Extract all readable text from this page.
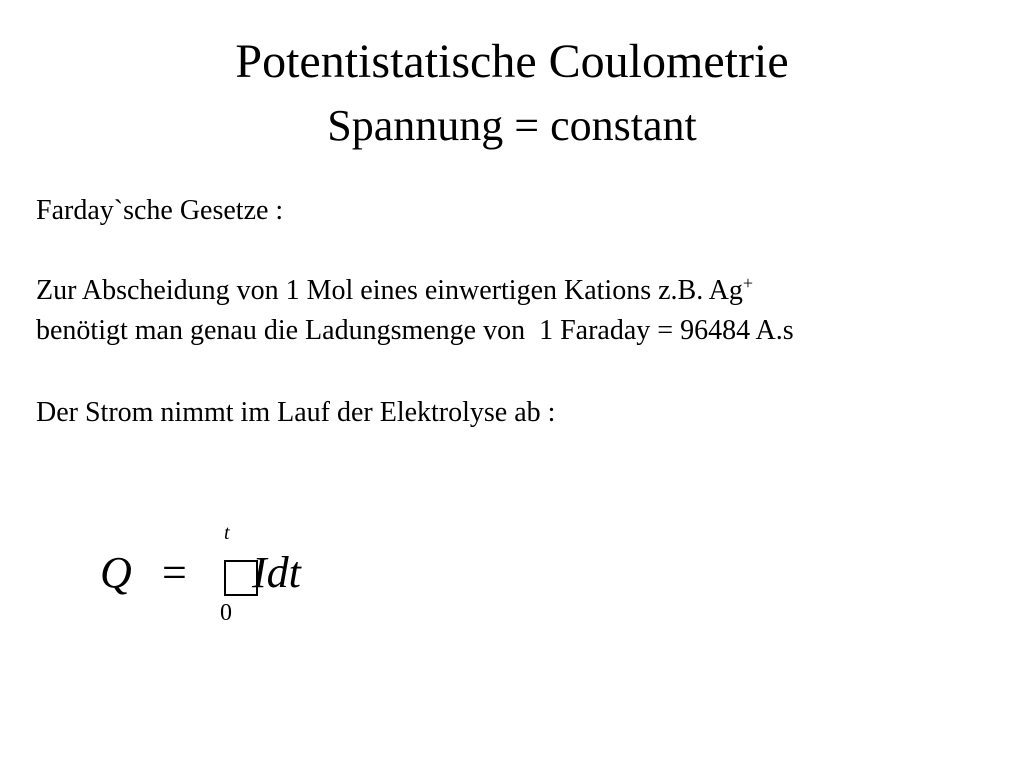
Potentistatische Coulometrie
Spannung = constant
Farday`sche Gesetze :
Zur Abscheidung von 1 Mol eines einwertigen Kations z.B. Ag+
benötigt man genau die Ladungsmenge von  1 Faraday = 96484 A.s
Der Strom nimmt im Lauf der Elektrolyse ab :
Q =
t
0
Idt
